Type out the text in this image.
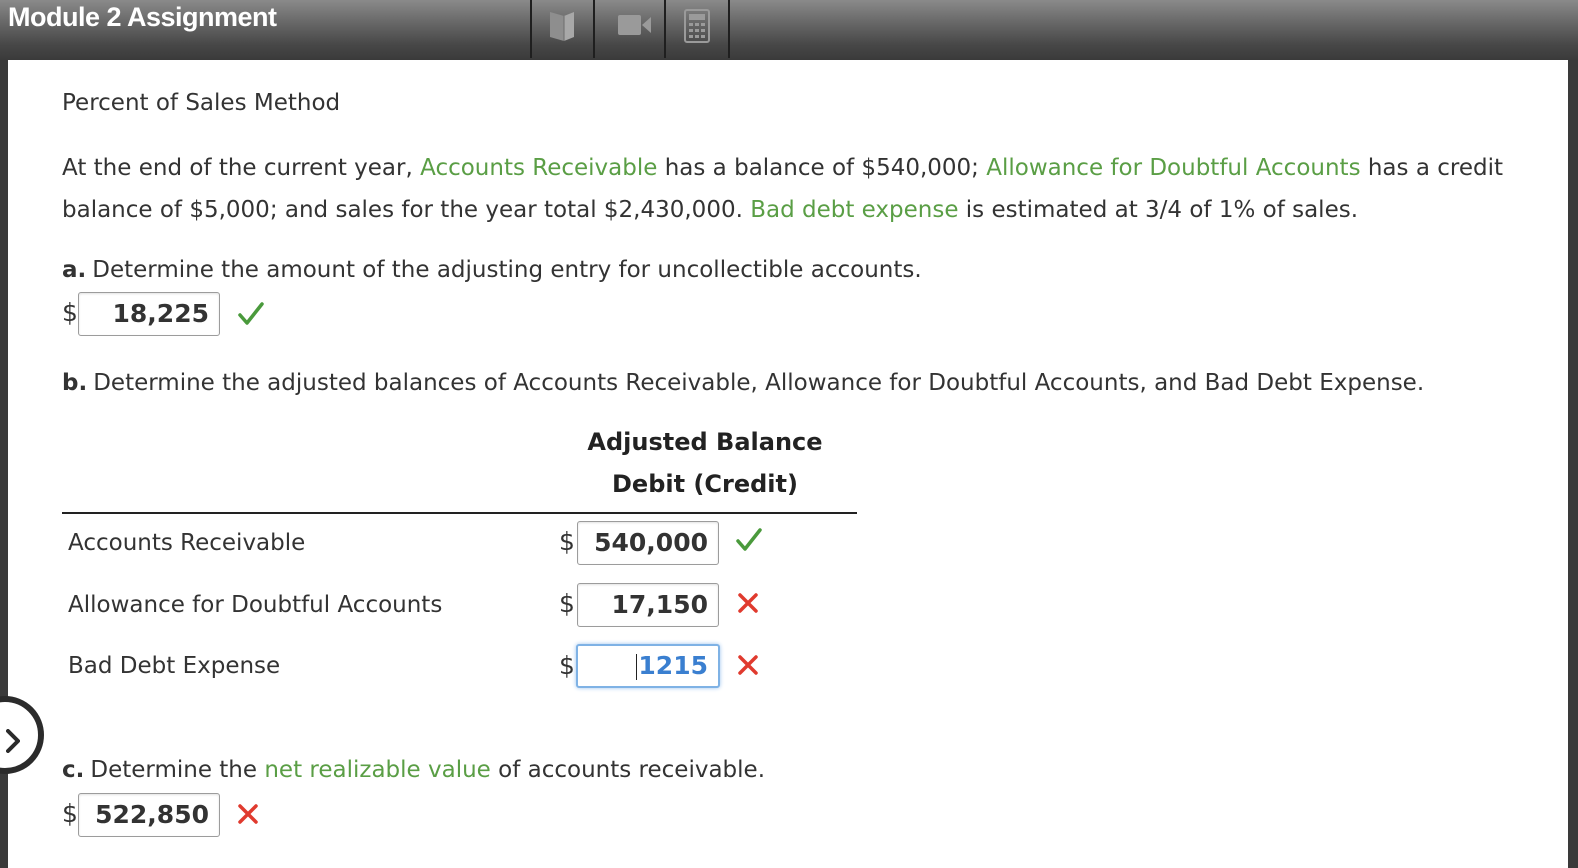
Module 2 Assignment
Percent of Sales Method
At the end of the current year, Accounts Receivable has a balance of $540,000; Allowance for Doubtful Accounts has a credit balance of $5,000; and sales for the year total $2,430,000. Bad debt expense is estimated at 3/4 of 1% of sales.
a. Determine the amount of the adjusting entry for uncollectible accounts.
$	18,225
b. Determine the adjusted balances of Accounts Receivable, Allowance for Doubtful Accounts, and Bad Debt Expense.
Adjusted Balance
Debit (Credit)
Accounts Receivable	$ 540,000
Allowance for Doubtful Accounts	$	17,150
Bad Debt Expense	$	1215
c. Determine the net realizable value of accounts receivable.
$ 522,850
